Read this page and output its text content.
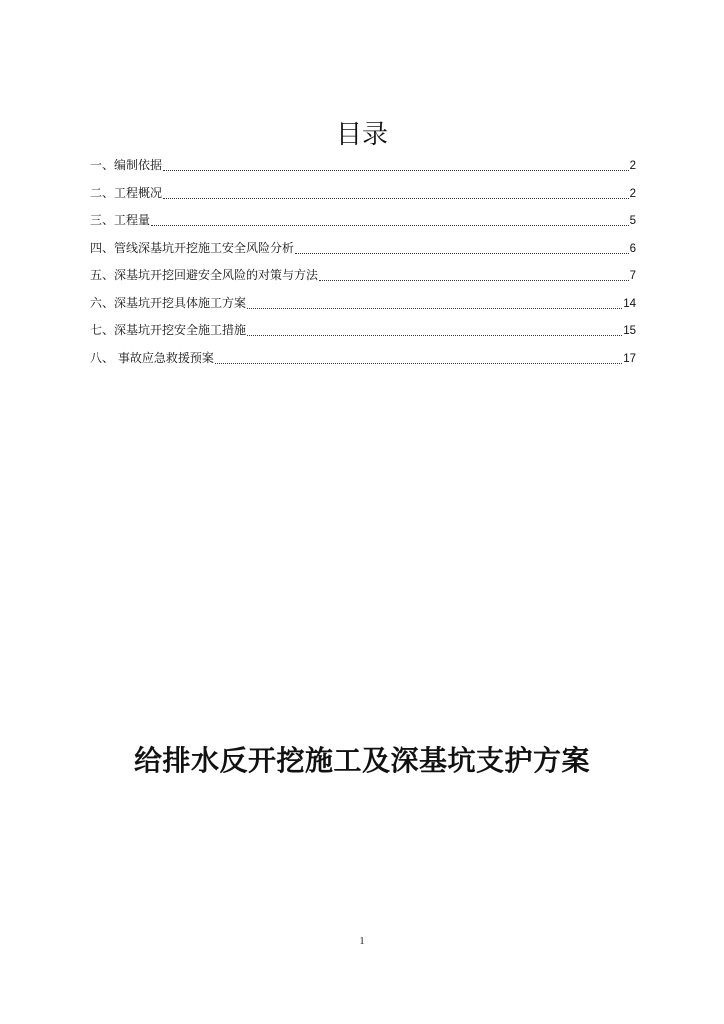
目录
一、编制依据	2
二、工程概况	2
三、工程量	5
四、管线深基坑开挖施工安全风险分析	6
五、深基坑开挖回避安全风险的对策与方法	7
六、深基坑开挖具体施工方案	14
七、深基坑开挖安全施工措施	15
八、 事故应急救援预案	17
给排水反开挖施工及深基坑支护方案
1
